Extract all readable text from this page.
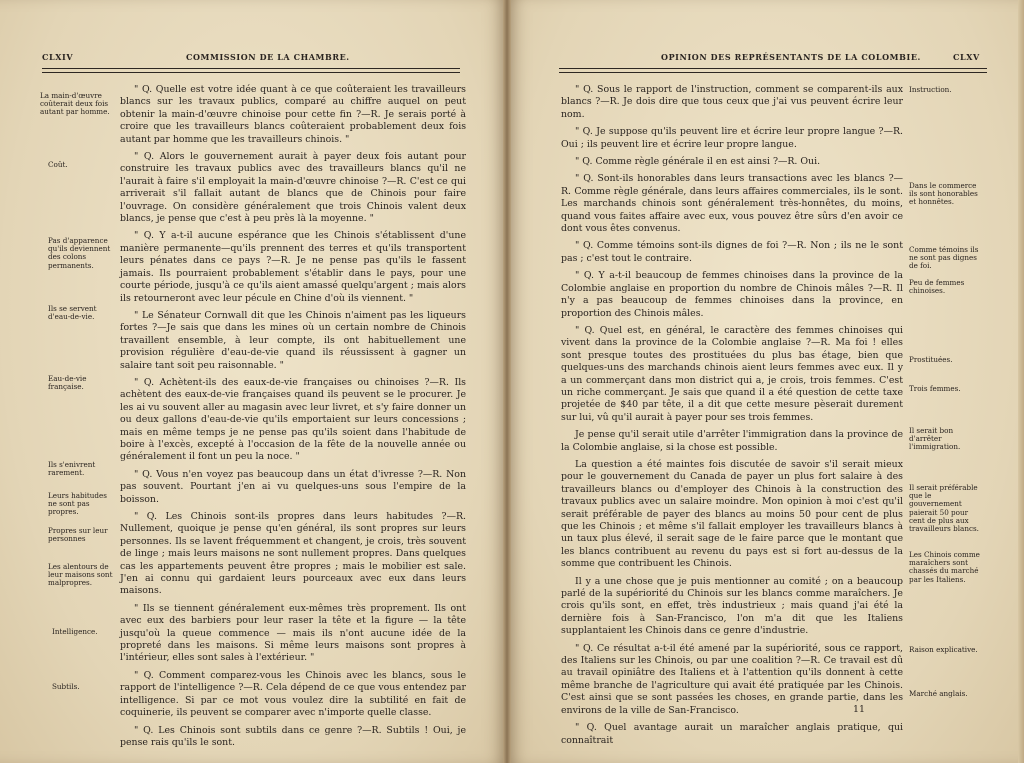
CLXIV	COMMISSION DE LA CHAMBRE.
La main-d'œuvre coûterait deux fois autant par homme.
Coût.
Pas d'apparence qu'ils deviennent des colons permanents.
Ils se servent d'eau-de-vie.
Eau-de-vie française.
Ils s'enivrent rarement.
Leurs habitudes ne sont pas propres.
Propres sur leur personnes
Les alentours de leur maisons sont malpropres.
Intelligence.
Subtils.

" Q. Quelle est votre idée quant à ce que coûteraient les travailleurs blancs sur les travaux publics, comparé au chiffre auquel on peut obtenir la main-d'œuvre chinoise pour cette fin ?—R. Je serais porté à croire que les travailleurs blancs coûteraient probablement deux fois autant par homme que les travailleurs chinois. "

" Q. Alors le gouvernement aurait à payer deux fois autant pour construire les travaux publics avec des travailleurs blancs qu'il ne l'aurait à faire s'il employait la main-d'œuvre chinoise ?—R. C'est ce qui arriverait s'il fallait autant de blancs que de Chinois pour faire l'ouvrage. On considère généralement que trois Chinois valent deux blancs, je pense que c'est à peu près là la moyenne. "

" Q. Y a-t-il aucune espérance que les Chinois s'établissent d'une manière permanente—qu'ils prennent des terres et qu'ils transportent leurs pénates dans ce pays ?—R. Je ne pense pas qu'ils le fassent jamais. Ils pourraient probablement s'établir dans le pays, pour une courte période, jusqu'à ce qu'ils aient amassé quelqu'argent ; mais alors ils retourneront avec leur pécule en Chine d'où ils viennent. "

" Le Sénateur Cornwall dit que les Chinois n'aiment pas les liqueurs fortes ?—Je sais que dans les mines où un certain nombre de Chinois travaillent ensemble, à leur compte, ils ont habituellement une provision régulière d'eau-de-vie quand ils réussissent à gagner un salaire tant soit peu raisonnable. "

" Q. Achètent-ils des eaux-de-vie françaises ou chinoises ?—R. Ils achètent des eaux-de-vie françaises quand ils peuvent se le procurer. Je les ai vu souvent aller au magasin avec leur livret, et s'y faire donner un ou deux gallons d'eau-de-vie qu'ils emportaient sur leurs concessions ; mais en même temps je ne pense pas qu'ils soient dans l'habitude de boire à l'excès, excepté à l'occasion de la fête de la nouvelle année ou généralement il font un peu la noce. "

" Q. Vous n'en voyez pas beaucoup dans un état d'ivresse ?—R. Non pas souvent. Pourtant j'en ai vu quelques-uns sous l'empire de la boisson.

" Q. Les Chinois sont-ils propres dans leurs habitudes ?—R. Nullement, quoique je pense qu'en général, ils sont propres sur leurs personnes. Ils se lavent fréquemment et changent, je crois, très souvent de linge ; mais leurs maisons ne sont nullement propres. Dans quelques cas les appartements peuvent être propres ; mais le mobilier est sale. J'en ai connu qui gardaient leurs pourceaux avec eux dans leurs maisons.

" Ils se tiennent généralement eux-mêmes très proprement. Ils ont avec eux des barbiers pour leur raser la tête et la figure — la tête jusqu'où la queue commence — mais ils n'ont aucune idée de la propreté dans les maisons. Si même leurs maisons sont propres à l'intérieur, elles sont sales à l'extérieur. "

" Q. Comment comparez-vous les Chinois avec les blancs, sous le rapport de l'intelligence ?—R. Cela dépend de ce que vous entendez par intelligence. Si par ce mot vous voulez dire la subtilité en fait de coquinerie, ils peuvent se comparer avec n'importe quelle classe.

" Q. Les Chinois sont subtils dans ce genre ?—R. Subtils ! Oui, je pense rais qu'ils le sont.

OPINION DES REPRÉSENTANTS DE LA COLOMBIE.	CLXV

" Q. Sous le rapport de l'instruction, comment se comparent-ils aux blancs ?—R. Je dois dire que tous ceux que j'ai vus peuvent écrire leur nom.

" Q. Je suppose qu'ils peuvent lire et écrire leur propre langue ?—R. Oui ; ils peuvent lire et écrire leur propre langue.

" Q. Comme règle générale il en est ainsi ?—R. Oui.

" Q. Sont-ils honorables dans leurs transactions avec les blancs ?—R. Comme règle générale, dans leurs affaires commerciales, ils le sont. Les marchands chinois sont généralement très-honnêtes, du moins, quand vous faites affaire avec eux, vous pouvez être sûrs d'en avoir ce dont vous êtes convenus.

" Q. Comme témoins sont-ils dignes de foi ?—R. Non ; ils ne le sont pas ; c'est tout le contraire.

" Q. Y a-t-il beaucoup de femmes chinoises dans la province de la Colombie anglaise en proportion du nombre de Chinois mâles ?—R. Il n'y a pas beaucoup de femmes chinoises dans la province, en proportion des Chinois mâles.

" Q. Quel est, en général, le caractère des femmes chinoises qui vivent dans la province de la Colombie anglaise ?—R. Ma foi ! elles sont presque toutes des prostituées du plus bas étage, bien que quelques-uns des marchands chinois aient leurs femmes avec eux. Il y a un commerçant dans mon district qui a, je crois, trois femmes. C'est un riche commerçant. Je sais que quand il a été question de cette taxe projetée de $40 par tête, il a dit que cette mesure pèserait durement sur lui, vû qu'il aurait à payer pour ses trois femmes.

Je pense qu'il serait utile d'arrêter l'immigration dans la province de la Colombie anglaise, si la chose est possible.

La question a été maintes fois discutée de savoir s'il serait mieux pour le gouvernement du Canada de payer un plus fort salaire à des travailleurs blancs ou d'employer des Chinois à la construction des travaux publics avec un salaire moindre. Mon opinion à moi c'est qu'il serait préférable de payer des blancs au moins 50 pour cent de plus que les Chinois ; et même s'il fallait employer les travailleurs blancs à un taux plus élevé, il serait sage de le faire parce que le montant que les blancs contribuent au revenu du pays est si fort au-dessus de la somme que contribuent les Chinois.

Il y a une chose que je puis mentionner au comité ; on a beaucoup parlé de la supériorité du Chinois sur les blancs comme maraîchers. Je crois qu'ils sont, en effet, très industrieux ; mais quand j'ai été la dernière fois à San-Francisco, l'on m'a dit que les Italiens supplantaient les Chinois dans ce genre d'industrie.

" Q. Ce résultat a-t-il été amené par la supériorité, sous ce rapport, des Italiens sur les Chinois, ou par une coalition ?—R. Ce travail est dû au travail opiniâtre des Italiens et à l'attention qu'ils donnent à cette même branche de l'agriculture qui avait été pratiquée par les Chinois. C'est ainsi que se sont passées les choses, en grande partie, dans les environs de la ville de San-Francisco.

" Q. Quel avantage aurait un maraîcher anglais pratique, qui connaîtrait

Instruction.
Dans le commerce ils sont honorables et honnêtes.
Comme témoins ils ne sont pas dignes de foi.
Peu de femmes chinoises.
Prostituées.
Trois femmes.
Il serait bon d'arrêter l'immigration.
Il serait préférable que le gouvernement paierait 50 pour cent de plus aux travailleurs blancs.
Les Chinois comme maraîchers sont chassés du marché par les Italiens.
Raison explicative.
Marché anglais.
11
